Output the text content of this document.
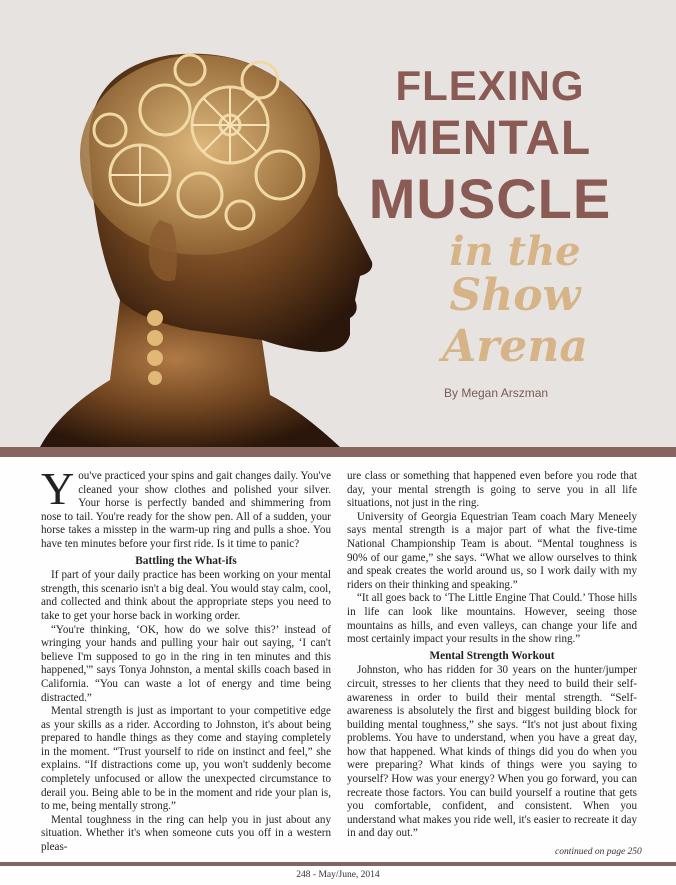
FLEXING
MENTAL
MUSCLE
in the
Show Arena
By Megan Arszman

You've practiced your spins and gait changes daily. You've cleaned your show clothes and polished your silver. Your horse is perfectly banded and shimmering from nose to tail. You're ready for the show pen. All of a sudden, your horse takes a misstep in the warm-up ring and pulls a shoe. You have ten minutes before your first ride. Is it time to panic?

Battling the What-ifs

If part of your daily practice has been working on your mental strength, this scenario isn't a big deal. You would stay calm, cool, and collected and think about the appropriate steps you need to take to get your horse back in working order.

“You're thinking, ‘OK, how do we solve this?’ instead of wringing your hands and pulling your hair out saying, ‘I can't believe I'm supposed to go in the ring in ten minutes and this happened,'” says Tonya Johnston, a mental skills coach based in California. “You can waste a lot of energy and time being distracted.”

Mental strength is just as important to your competitive edge as your skills as a rider. According to Johnston, it's about being prepared to handle things as they come and staying completely in the moment. “Trust yourself to ride on instinct and feel,” she explains. “If distractions come up, you won't suddenly become completely unfocused or allow the unexpected circumstance to derail you. Being able to be in the moment and ride your plan is, to me, being mentally strong.”

Mental toughness in the ring can help you in just about any situation. Whether it's when someone cuts you off in a western pleas-

ure class or something that happened even before you rode that day, your mental strength is going to serve you in all life situations, not just in the ring.

University of Georgia Equestrian Team coach Mary Meneely says mental strength is a major part of what the five-time National Championship Team is about. “Mental toughness is 90% of our game,” she says. “What we allow ourselves to think and speak creates the world around us, so I work daily with my riders on their thinking and speaking.”

“It all goes back to ‘The Little Engine That Could.’ Those hills in life can look like mountains. However, seeing those mountains as hills, and even valleys, can change your life and most certainly impact your results in the show ring.”

Mental Strength Workout

Johnston, who has ridden for 30 years on the hunter/jumper circuit, stresses to her clients that they need to build their self-awareness in order to build their mental strength. “Self-awareness is absolutely the first and biggest building block for building mental toughness,” she says. “It's not just about fixing problems. You have to understand, when you have a great day, how that happened. What kinds of things did you do when you were preparing? What kinds of things were you saying to yourself? How was your energy? When you go forward, you can recreate those factors. You can build yourself a routine that gets you comfortable, confident, and consistent. When you understand what makes you ride well, it's easier to recreate it day in and day out.”

continued on page 250
248 - May/June, 2014
